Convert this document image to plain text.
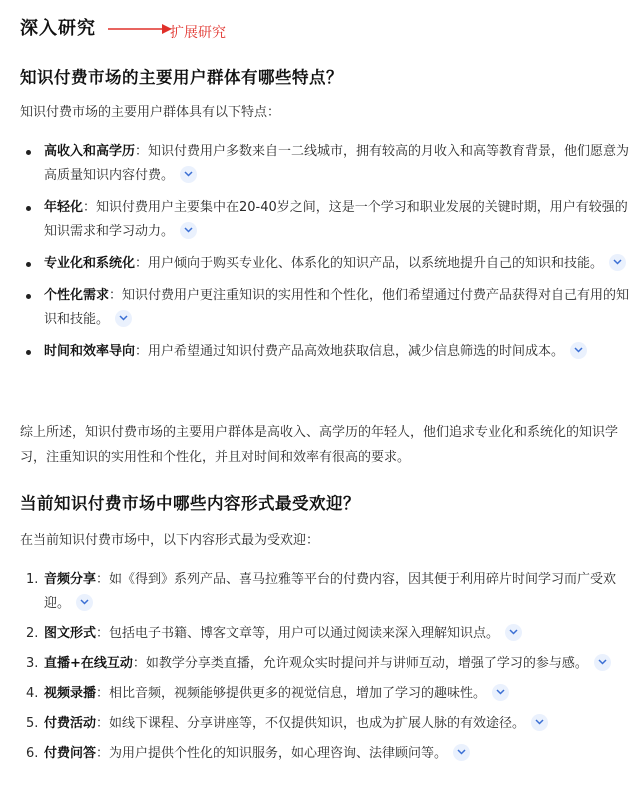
深入研究	扩展研究
知识付费市场的主要用户群体有哪些特点？
知识付费市场的主要用户群体具有以下特点：
高收入和高学历：知识付费用户多数来自一二线城市，拥有较高的月收入和高等教育背景，他们愿意为高质量知识内容付费。
年轻化：知识付费用户主要集中在20-40岁之间，这是一个学习和职业发展的关键时期，用户有较强的知识需求和学习动力。
专业化和系统化：用户倾向于购买专业化、体系化的知识产品，以系统地提升自己的知识和技能。
个性化需求：知识付费用户更注重知识的实用性和个性化，他们希望通过付费产品获得对自己有用的知识和技能。
时间和效率导向：用户希望通过知识付费产品高效地获取信息，减少信息筛选的时间成本。
综上所述，知识付费市场的主要用户群体是高收入、高学历的年轻人，他们追求专业化和系统化的知识学习，注重知识的实用性和个性化，并且对时间和效率有很高的要求。
当前知识付费市场中哪些内容形式最受欢迎？
在当前知识付费市场中，以下内容形式最为受欢迎：
1. 音频分享：如《得到》系列产品、喜马拉雅等平台的付费内容，因其便于利用碎片时间学习而广受欢迎。
2. 图文形式：包括电子书籍、博客文章等，用户可以通过阅读来深入理解知识点。
3. 直播+在线互动：如教学分享类直播，允许观众实时提问并与讲师互动，增强了学习的参与感。
4. 视频录播：相比音频，视频能够提供更多的视觉信息，增加了学习的趣味性。
5. 付费活动：如线下课程、分享讲座等，不仅提供知识，也成为扩展人脉的有效途径。
6. 付费问答：为用户提供个性化的知识服务，如心理咨询、法律顾问等。
